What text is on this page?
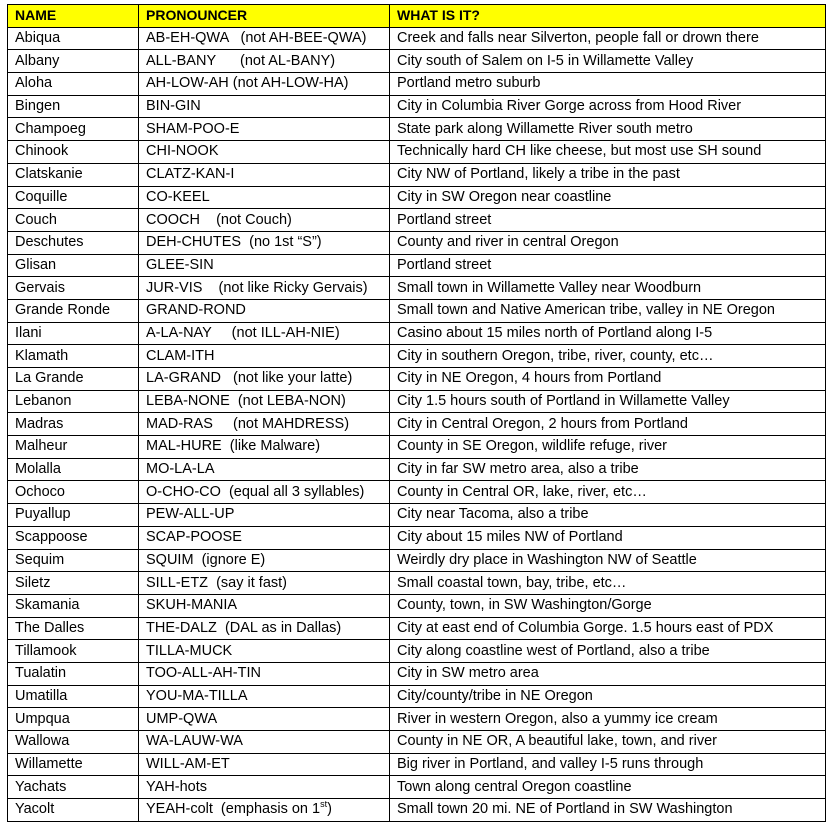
NAME	PRONOUNCER	WHAT IS IT?
Abiqua	AB-EH-QWA   (not AH-BEE-QWA)	Creek and falls near Silverton, people fall or drown there
Albany	ALL-BANY      (not AL-BANY)	City south of Salem on I-5 in Willamette Valley
Aloha	AH-LOW-AH (not AH-LOW-HA)	Portland metro suburb
Bingen	BIN-GIN	City in Columbia River Gorge across from Hood River
Champoeg	SHAM-POO-E	State park along Willamette River south metro
Chinook	CHI-NOOK	Technically hard CH like cheese, but most use SH sound
Clatskanie	CLATZ-KAN-I	City NW of Portland, likely a tribe in the past
Coquille	CO-KEEL	City in SW Oregon near coastline
Couch	COOCH    (not Couch)	Portland street
Deschutes	DEH-CHUTES  (no 1st “S”)	County and river in central Oregon
Glisan	GLEE-SIN	Portland street
Gervais	JUR-VIS    (not like Ricky Gervais)	Small town in Willamette Valley near Woodburn
Grande Ronde	GRAND-ROND	Small town and Native American tribe, valley in NE Oregon
Ilani	A-LA-NAY     (not ILL-AH-NIE)	Casino about 15 miles north of Portland along I-5
Klamath	CLAM-ITH	City in southern Oregon, tribe, river, county, etc…
La Grande	LA-GRAND   (not like your latte)	City in NE Oregon, 4 hours from Portland
Lebanon	LEBA-NONE  (not LEBA-NON)	City 1.5 hours south of Portland in Willamette Valley
Madras	MAD-RAS     (not MAHDRESS)	City in Central Oregon, 2 hours from Portland
Malheur	MAL-HURE  (like Malware)	County in SE Oregon, wildlife refuge, river
Molalla	MO-LA-LA	City in far SW metro area, also a tribe
Ochoco	O-CHO-CO  (equal all 3 syllables)	County in Central OR, lake, river, etc…
Puyallup	PEW-ALL-UP	City near Tacoma, also a tribe
Scappoose	SCAP-POOSE	City about 15 miles NW of Portland
Sequim	SQUIM  (ignore E)	Weirdly dry place in Washington NW of Seattle
Siletz	SILL-ETZ  (say it fast)	Small coastal town, bay, tribe, etc…
Skamania	SKUH-MANIA	County, town, in SW Washington/Gorge
The Dalles	THE-DALZ  (DAL as in Dallas)	City at east end of Columbia Gorge. 1.5 hours east of PDX
Tillamook	TILLA-MUCK	City along coastline west of Portland, also a tribe
Tualatin	TOO-ALL-AH-TIN	City in SW metro area
Umatilla	YOU-MA-TILLA	City/county/tribe in NE Oregon
Umpqua	UMP-QWA	River in western Oregon, also a yummy ice cream
Wallowa	WA-LAUW-WA	County in NE OR, A beautiful lake, town, and river
Willamette	WILL-AM-ET	Big river in Portland, and valley I-5 runs through
Yachats	YAH-hots	Town along central Oregon coastline
Yacolt	YEAH-colt  (emphasis on 1st)	Small town 20 mi. NE of Portland in SW Washington
